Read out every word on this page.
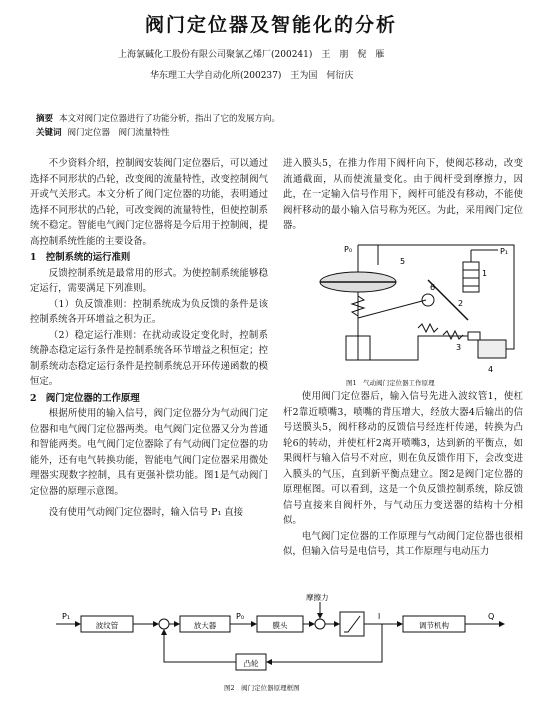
阀门定位器及智能化的分析
上海氯碱化工股份有限公司聚氯乙烯厂(200241)　王　朋　倪　雁
华东理工大学自动化所(200237)　王为国　何衍庆
摘要 本文对阀门定位器进行了功能分析，指出了它的发展方向。
关键词 阀门定位器　阀门流量特性

不少资料介绍，控制阀安装阀门定位器后，可以通过选择不同形状的凸轮，改变阀的流量特性，改变控制阀气开或气关形式。本文分析了阀门定位器的功能，表明通过选择不同形状的凸轮，可改变阀的流量特性，但使控制系统不稳定。智能电气阀门定位器将是今后用于控制阀，提高控制系统性能的主要设备。

1　控制系统的运行准则

反馈控制系统是最常用的形式。为使控制系统能够稳定运行，需要满足下列准则。

（1）负反馈准则：控制系统成为负反馈的条件是该控制系统各开环增益之积为正。

（2）稳定运行准则：在扰动或设定变化时，控制系统静态稳定运行条件是控制系统各环节增益之积恒定；控制系统动态稳定运行条件是控制系统总开环传递函数的模恒定。

2　阀门定位器的工作原理

根据所使用的输入信号，阀门定位器分为气动阀门定位器和电气阀门定位器两类。电气阀门定位器又分为普通和智能两类。电气阀门定位器除了有气动阀门定位器的功能外，还有电气转换功能，智能电气阀门定位器采用微处理器实现数字控制，具有更强补偿功能。图1是气动阀门定位器的原理示意图。

没有使用气动阀门定位器时，输入信号 P₁ 直接

进入膜头5，在推力作用下阀杆向下，使阀芯移动，改变流通截面，从而使流量变化。由于阀杆受到摩擦力，因此，在一定输入信号作用下，阀杆可能没有移动，不能使阀杆移动的最小输入信号称为死区。为此，采用阀门定位器。

P₀
5
P₁
1
6
2
3
4
图1　气动阀门定位器工作原理

使用阀门定位器后，输入信号先进入波纹管1，使杠杆2靠近喷嘴3，喷嘴的背压增大，经放大器4后输出的信号送膜头5，阀杆移动的反馈信号经连杆传递，转换为凸轮6的转动，并使杠杆2离开喷嘴3，达到新的平衡点，如果阀杆与输入信号不对应，则在负反馈作用下，会改变进入膜头的气压，直到新平衡点建立。图2是阀门定位器的原理框图。可以看到，这是一个负反馈控制系统，除反馈信号直接来自阀杆外，与气动压力变送器的结构十分相似。

电气阀门定位器的工作原理与气动阀门定位器也很相似，但输入信号是电信号，其工作原理与电动压力

P₁
波纹管	放大器
P₀
膜头
摩擦力
l
调节机构
Q
凸轮
图2　阀门定位器原理框图
